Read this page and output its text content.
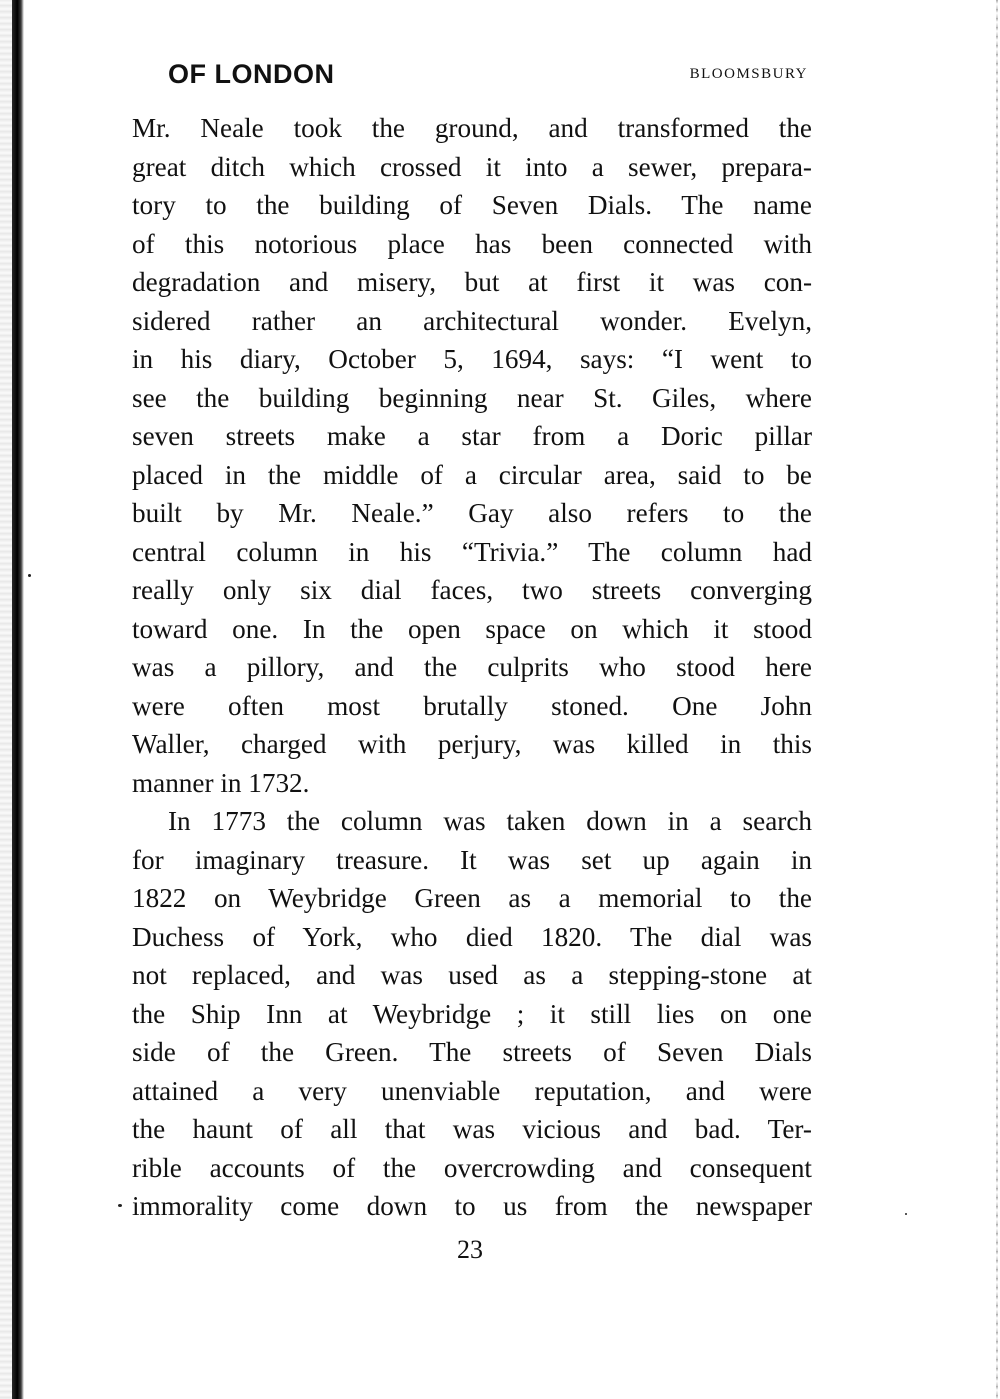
OF LONDON	BLOOMSBURY
Mr. Neale took the ground, and transformed the
great ditch which crossed it into a sewer, prepara-
tory to the building of Seven Dials. The name
of this notorious place has been connected with
degradation and misery, but at first it was con-
sidered rather an architectural wonder. Evelyn,
in his diary, October 5, 1694, says: “I went to
see the building beginning near St. Giles, where
seven streets make a star from a Doric pillar
placed in the middle of a circular area, said to be
built by Mr. Neale.” Gay also refers to the
central column in his “Trivia.” The column had
really only six dial faces, two streets converging
toward one. In the open space on which it stood
was a pillory, and the culprits who stood here
were often most brutally stoned. One John
Waller, charged with perjury, was killed in this
manner in 1732.
In 1773 the column was taken down in a search
for imaginary treasure. It was set up again in
1822 on Weybridge Green as a memorial to the
Duchess of York, who died 1820. The dial was
not replaced, and was used as a stepping-stone at
the Ship Inn at Weybridge ; it still lies on one
side of the Green. The streets of Seven Dials
attained a very unenviable reputation, and were
the haunt of all that was vicious and bad. Ter-
rible accounts of the overcrowding and consequent
immorality come down to us from the newspaper
23
